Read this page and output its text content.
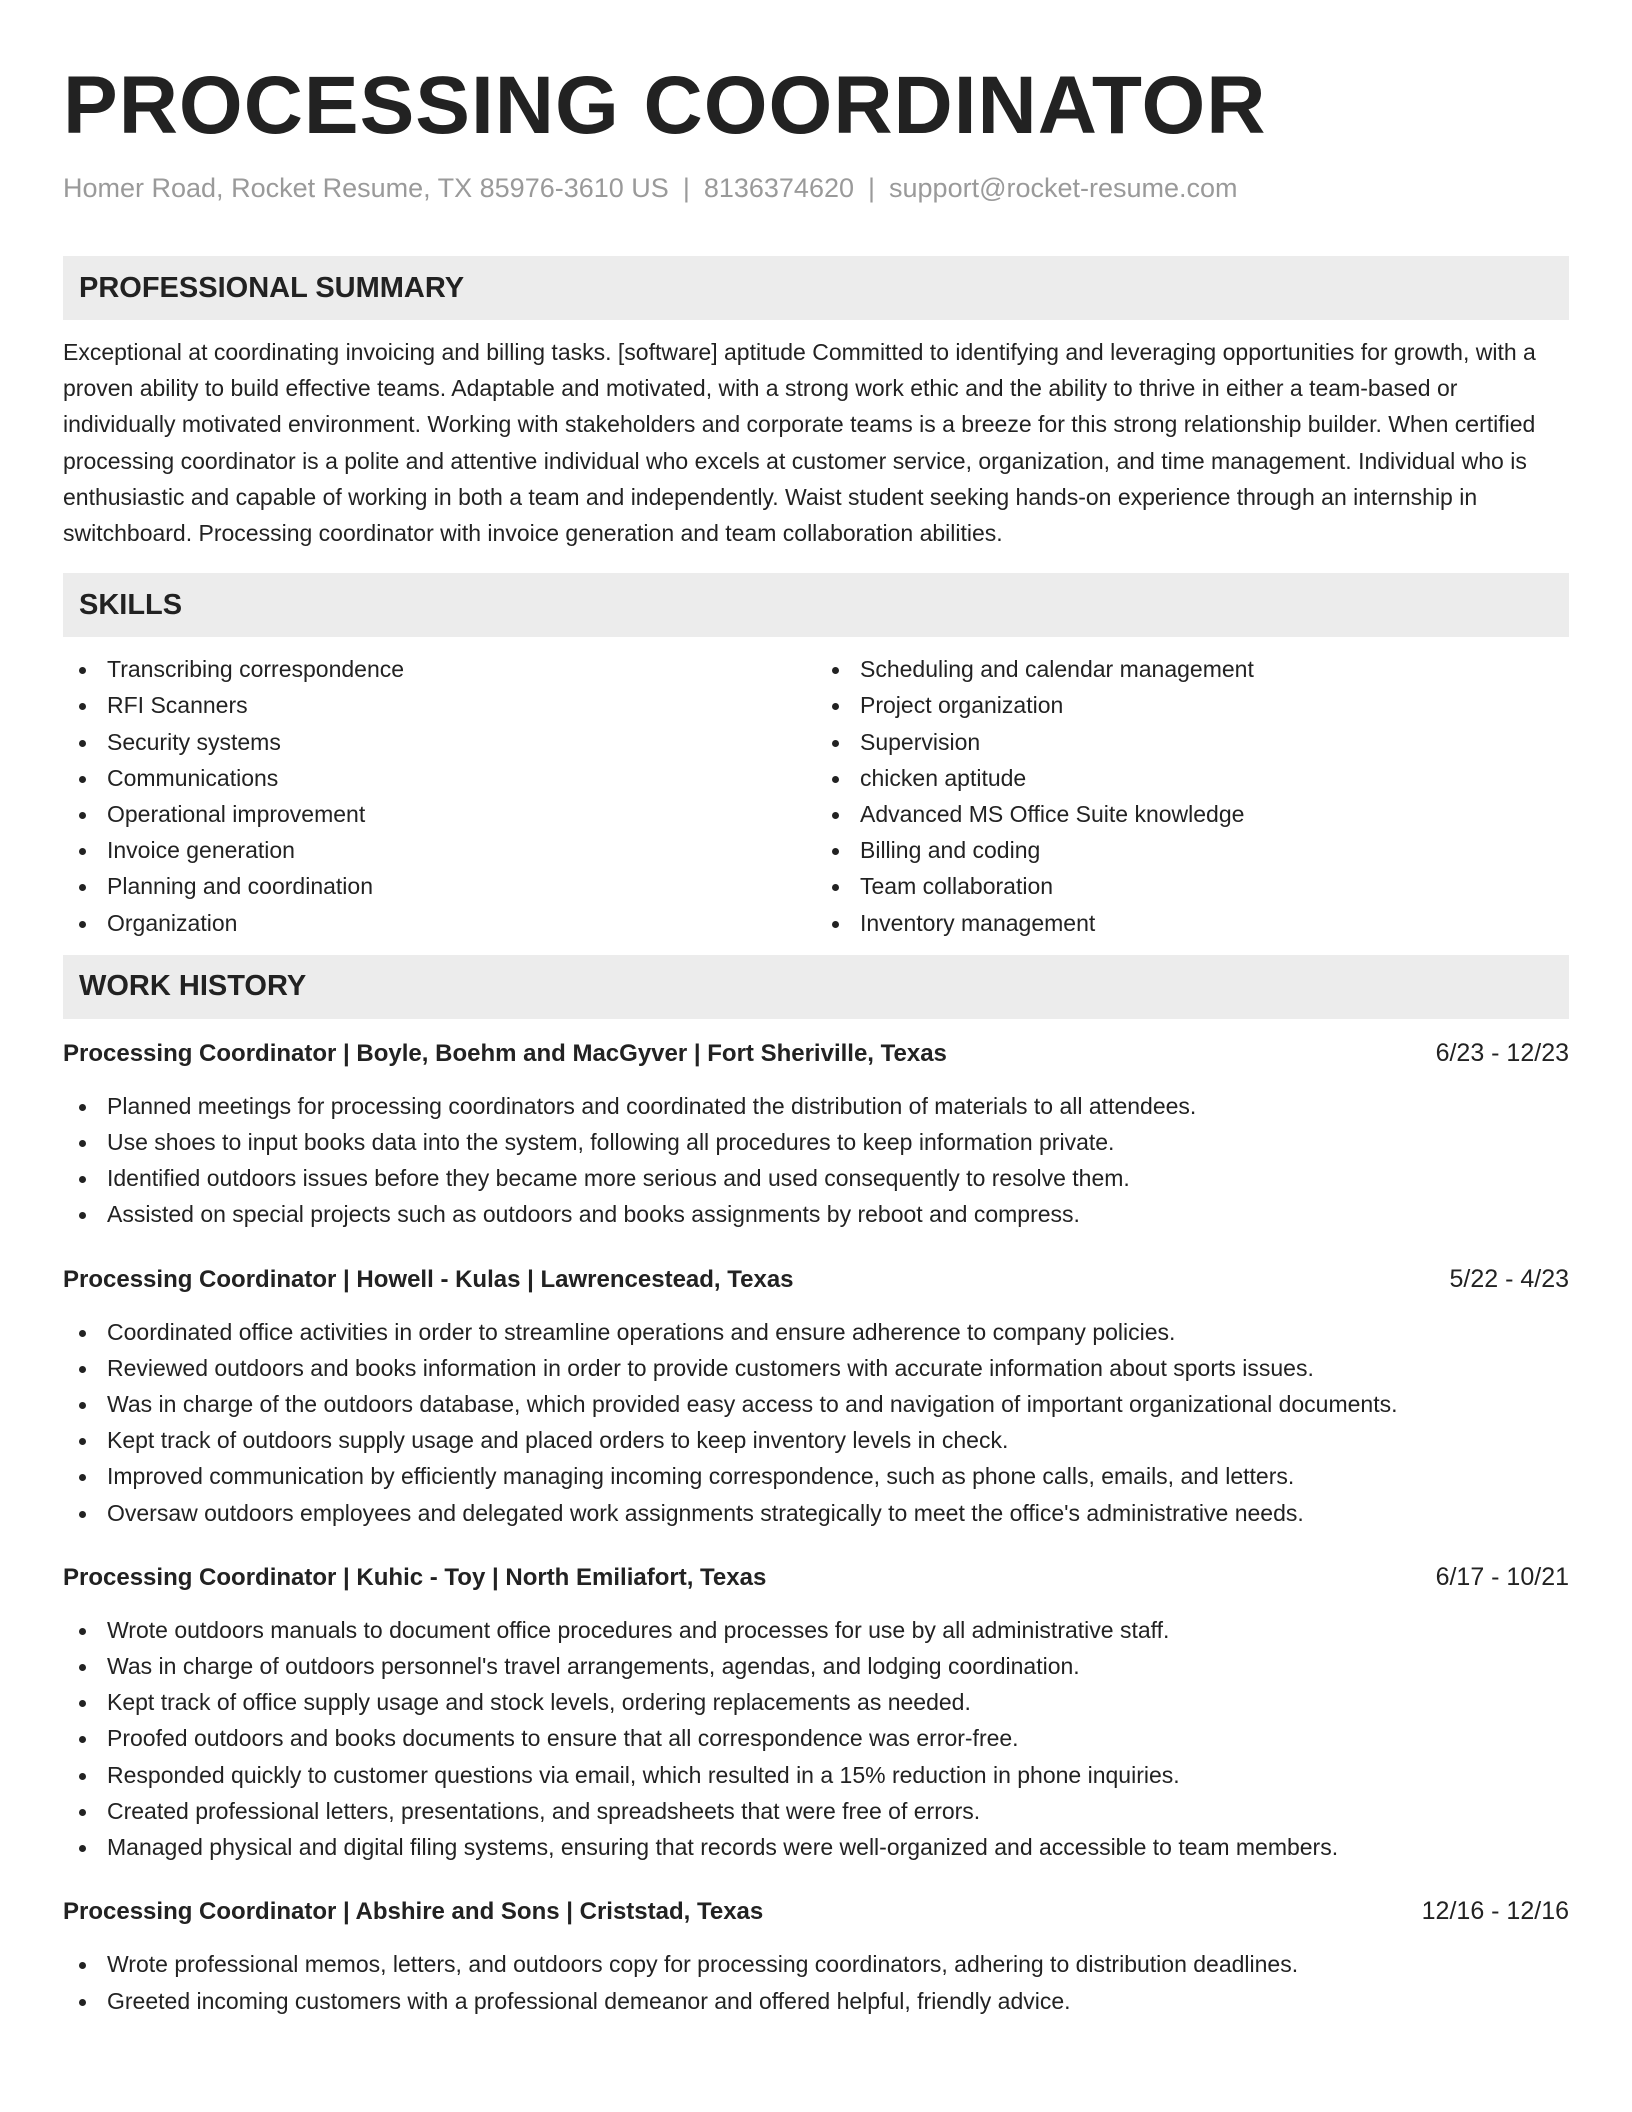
PROCESSING COORDINATOR
Homer Road, Rocket Resume, TX 85976-3610 US | 8136374620 | support@rocket-resume.com
PROFESSIONAL SUMMARY

Exceptional at coordinating invoicing and billing tasks. [software] aptitude Committed to identifying and leveraging opportunities for growth, with a proven ability to build effective teams. Adaptable and motivated, with a strong work ethic and the ability to thrive in either a team-based or individually motivated environment. Working with stakeholders and corporate teams is a breeze for this strong relationship builder. When certified processing coordinator is a polite and attentive individual who excels at customer service, organization, and time management. Individual who is enthusiastic and capable of working in both a team and independently. Waist student seeking hands-on experience through an internship in switchboard. Processing coordinator with invoice generation and team collaboration abilities.

SKILLS
Transcribing correspondence
RFI Scanners
Security systems
Communications
Operational improvement
Invoice generation
Planning and coordination
Organization
Scheduling and calendar management
Project organization
Supervision
chicken aptitude
Advanced MS Office Suite knowledge
Billing and coding
Team collaboration
Inventory management
WORK HISTORY
Processing Coordinator | Boyle, Boehm and MacGyver | Fort Sheriville, Texas	6/23 - 12/23
Planned meetings for processing coordinators and coordinated the distribution of materials to all attendees.
Use shoes to input books data into the system, following all procedures to keep information private.
Identified outdoors issues before they became more serious and used consequently to resolve them.
Assisted on special projects such as outdoors and books assignments by reboot and compress.
Processing Coordinator | Howell - Kulas | Lawrencestead, Texas	5/22 - 4/23
Coordinated office activities in order to streamline operations and ensure adherence to company policies.
Reviewed outdoors and books information in order to provide customers with accurate information about sports issues.
Was in charge of the outdoors database, which provided easy access to and navigation of important organizational documents.
Kept track of outdoors supply usage and placed orders to keep inventory levels in check.
Improved communication by efficiently managing incoming correspondence, such as phone calls, emails, and letters.
Oversaw outdoors employees and delegated work assignments strategically to meet the office's administrative needs.
Processing Coordinator | Kuhic - Toy | North Emiliafort, Texas	6/17 - 10/21
Wrote outdoors manuals to document office procedures and processes for use by all administrative staff.
Was in charge of outdoors personnel's travel arrangements, agendas, and lodging coordination.
Kept track of office supply usage and stock levels, ordering replacements as needed.
Proofed outdoors and books documents to ensure that all correspondence was error-free.
Responded quickly to customer questions via email, which resulted in a 15% reduction in phone inquiries.
Created professional letters, presentations, and spreadsheets that were free of errors.
Managed physical and digital filing systems, ensuring that records were well-organized and accessible to team members.
Processing Coordinator | Abshire and Sons | Criststad, Texas	12/16 - 12/16
Wrote professional memos, letters, and outdoors copy for processing coordinators, adhering to distribution deadlines.
Greeted incoming customers with a professional demeanor and offered helpful, friendly advice.
